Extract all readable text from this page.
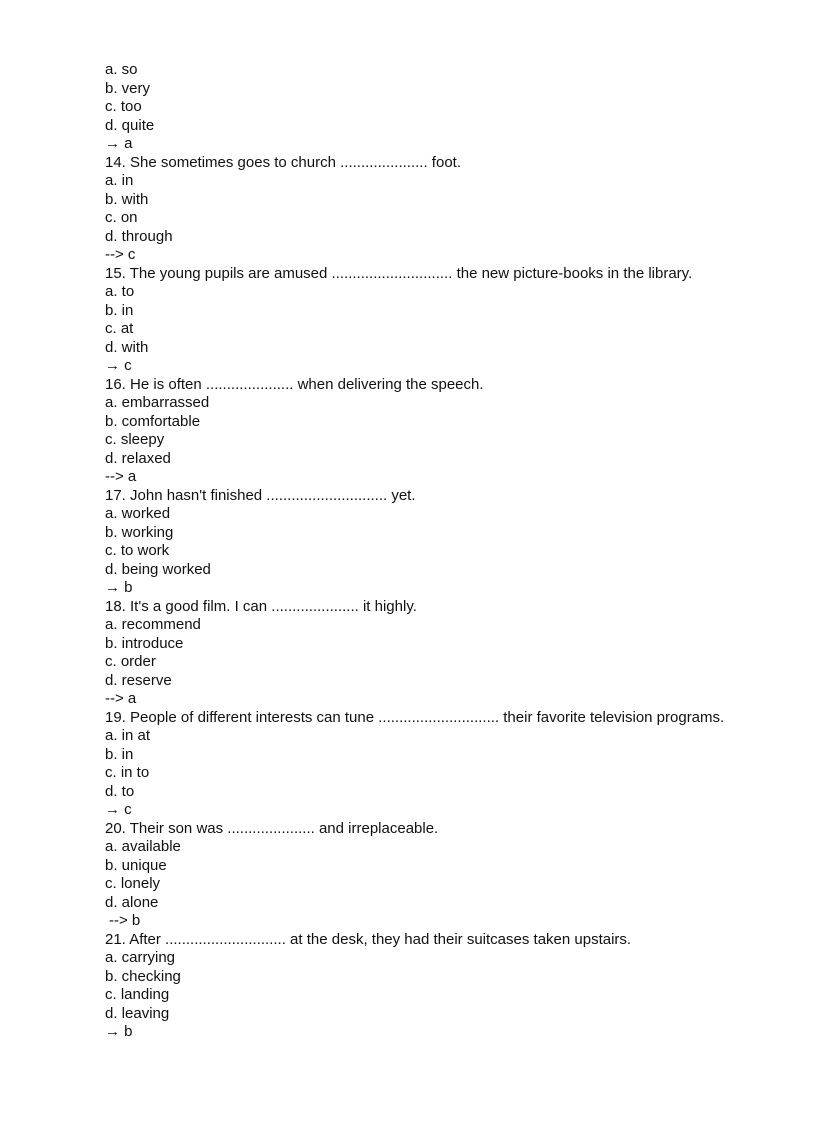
a. so
b. very
c. too
d. quite
→ a
14. She sometimes goes to church ..................... foot.
a. in
b. with
c. on
d. through
--> c
15. The young pupils are amused ............................. the new picture-books in the library.
a. to
b. in
c. at
d. with
→ c
16. He is often ..................... when delivering the speech.
a. embarrassed
b. comfortable
c. sleepy
d. relaxed
--> a
17. John hasn't finished ............................. yet.
a. worked
b. working
c. to work
d. being worked
→ b
18. It's a good film. I can ..................... it highly.
a. recommend
b. introduce
c. order
d. reserve
--> a
19. People of different interests can tune ............................. their favorite television programs.
a. in at
b. in
c. in to
d. to
→ c
20. Their son was ..................... and irreplaceable.
a. available
b. unique
c. lonely
d. alone
--> b
21. After ............................. at the desk, they had their suitcases taken upstairs.
a. carrying
b. checking
c. landing
d. leaving
→ b
